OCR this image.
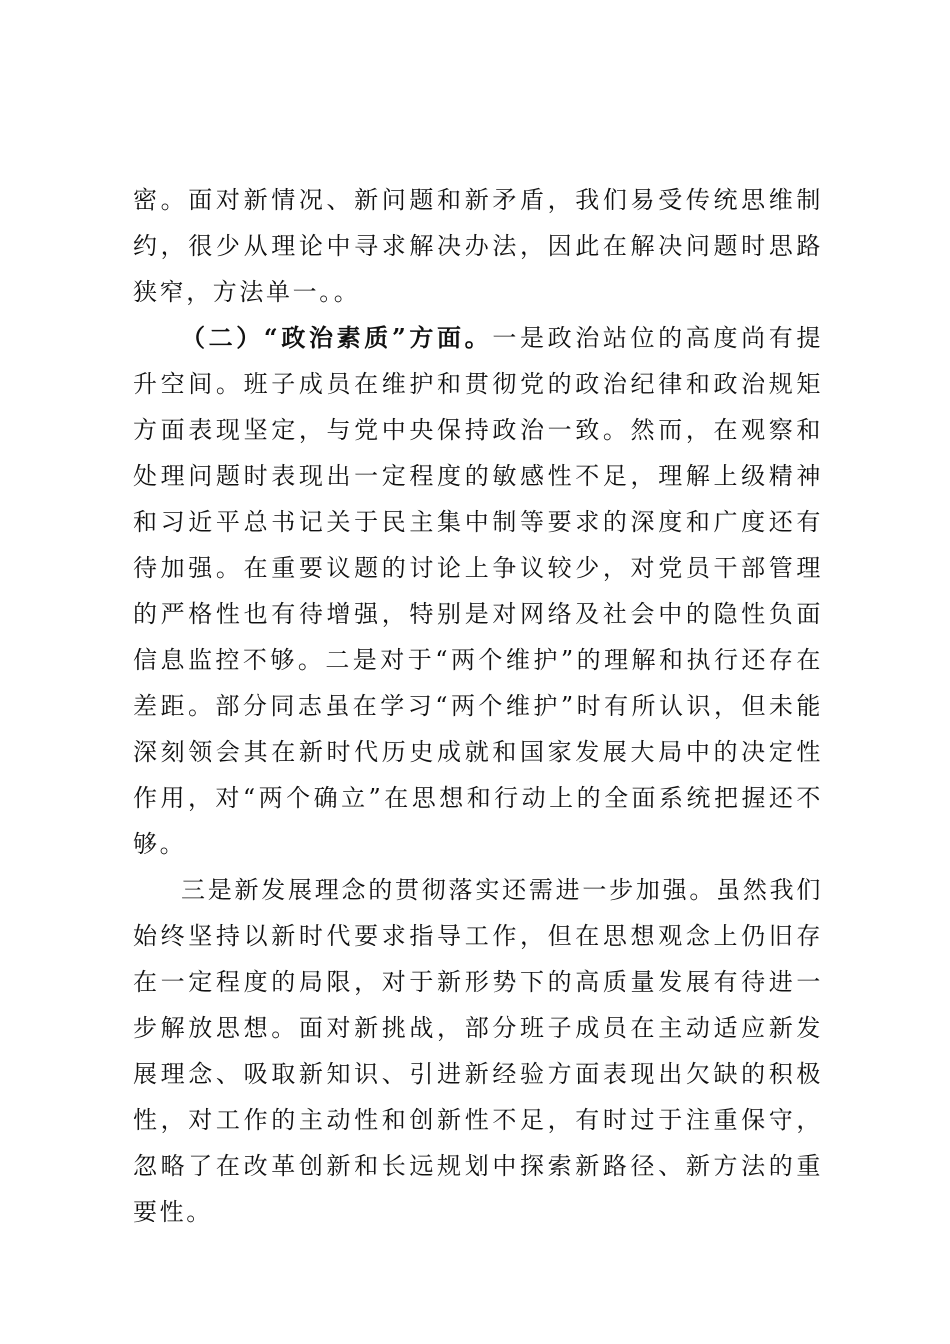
密。面对新情况、新问题和新矛盾，我们易受传统思维制约，很少从理论中寻求解决办法，因此在解决问题时思路狭窄，方法单一。。

（二）“政治素质”方面。一是政治站位的高度尚有提升空间。班子成员在维护和贯彻党的政治纪律和政治规矩方面表现坚定，与党中央保持政治一致。然而，在观察和处理问题时表现出一定程度的敏感性不足，理解上级精神和习近平总书记关于民主集中制等要求的深度和广度还有待加强。在重要议题的讨论上争议较少，对党员干部管理的严格性也有待增强，特别是对网络及社会中的隐性负面信息监控不够。二是对于“两个维护”的理解和执行还存在差距。部分同志虽在学习“两个维护”时有所认识，但未能深刻领会其在新时代历史成就和国家发展大局中的决定性作用，对“两个确立”在思想和行动上的全面系统把握还不够。

三是新发展理念的贯彻落实还需进一步加强。虽然我们始终坚持以新时代要求指导工作，但在思想观念上仍旧存在一定程度的局限，对于新形势下的高质量发展有待进一步解放思想。面对新挑战，部分班子成员在主动适应新发展理念、吸取新知识、引进新经验方面表现出欠缺的积极性，对工作的主动性和创新性不足，有时过于注重保守，忽略了在改革创新和长远规划中探索新路径、新方法的重要性。
